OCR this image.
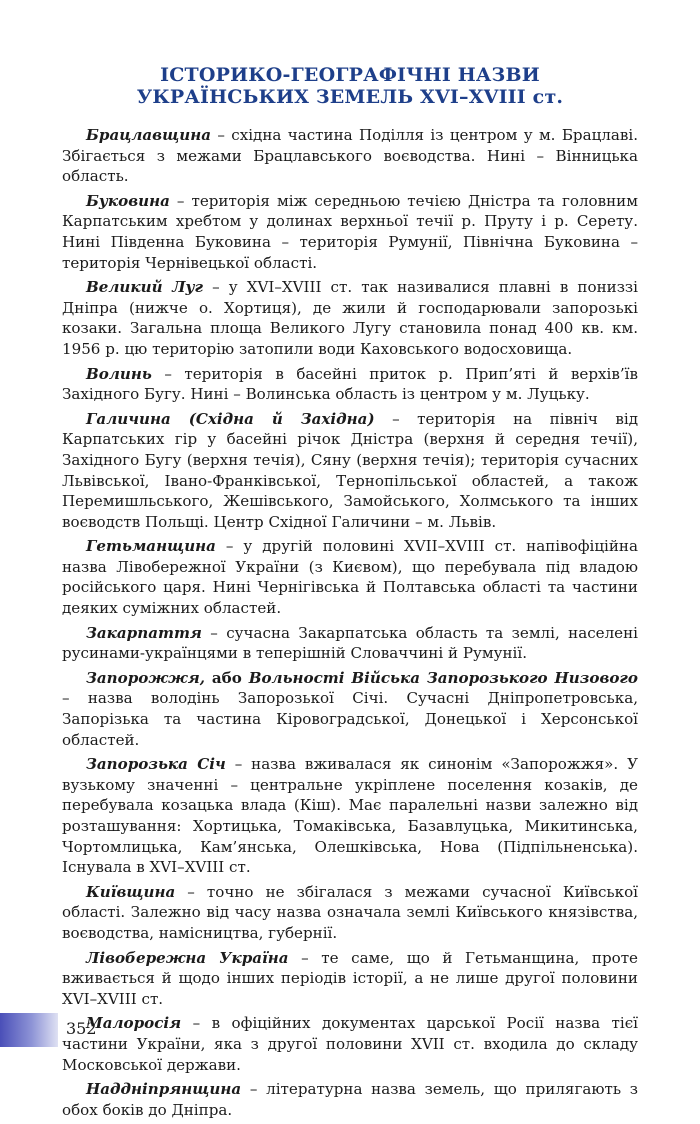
ІСТОРИКО-ГЕОГРАФІЧНІ НАЗВИ
УКРАЇНСЬКИХ ЗЕМЕЛЬ XVI–XVIII ст.

Брацлавщина – східна частина Поділля із центром у м. Брацлаві. Збігається з межами Брацлавського воєводства. Нині – Вінницька область.

Буковина – територія між середньою течією Дністра та головним Карпатським хребтом у долинах верхньої течії р. Пруту і р. Серету. Нині Південна Буковина – територія Румунії, Північна Буковина – територія Чернівецької області.

Великий Луг – у XVI–XVIII ст. так називалися плавні в пониззі Дніпра (нижче о. Хортиця), де жили й господарювали запорозькі козаки. Загальна площа Великого Лугу становила понад 400 кв. км. 1956 р. цю територію затопили води Каховського водосховища.

Волинь – територія в басейні приток р. Прип’яті й верхів’їв Західного Бугу. Нині – Волинська область із центром у м. Луцьку.

Галичина (Східна й Західна) – територія на північ від Карпатських гір у басейні річок Дністра (верхня й середня течії), Західного Бугу (верхня течія), Сяну (верхня течія); територія сучасних Львівської, Івано-Франківської, Тернопільської областей, а також Перемишльського, Жешівського, Замойського, Холмського та інших воєводств Польщі. Центр Східної Галичини – м. Львів.

Гетьманщина – у другій половині XVII–XVIII ст. напівофіційна назва Лівобережної України (з Києвом), що перебувала під владою російського царя. Нині Чернігівська й Полтавська області та частини деяких суміжних областей.

Закарпаття – сучасна Закарпатська область та землі, населені русинами-українцями в теперішній Словаччині й Румунії.

Запорожжя, або Вольності Війська Запорозького Низового – назва володінь Запорозької Січі. Сучасні Дніпропетровська, Запорізька та частина Кіровоградської, Донецької і Херсонської областей.

Запорозька Січ – назва вживалася як синонім «Запорожжя». У вузькому значенні – центральне укріплене поселення козаків, де перебувала козацька влада (Кіш). Має паралельні назви залежно від розташування: Хортицька, Томаківська, Базавлуцька, Микитинська, Чортомлицька, Кам’янська, Олешківська, Нова (Підпільненська). Існувала в XVI–XVIII ст.

Київщина – точно не збігалася з межами сучасної Київської області. Залежно від часу назва означала землі Київського князівства, воєводства, намісництва, губернії.

Лівобережна Україна – те саме, що й Гетьманщина, проте вживається й щодо інших періодів історії, а не лише другої половини XVI–XVIII ст.

Малоросія – в офіційних документах царської Росії назва тієї частини України, яка з другої половини XVII ст. входила до складу Московської держави.

Наддніпрянщина – літературна назва земель, що прилягають з обох боків до Дніпра.

352
